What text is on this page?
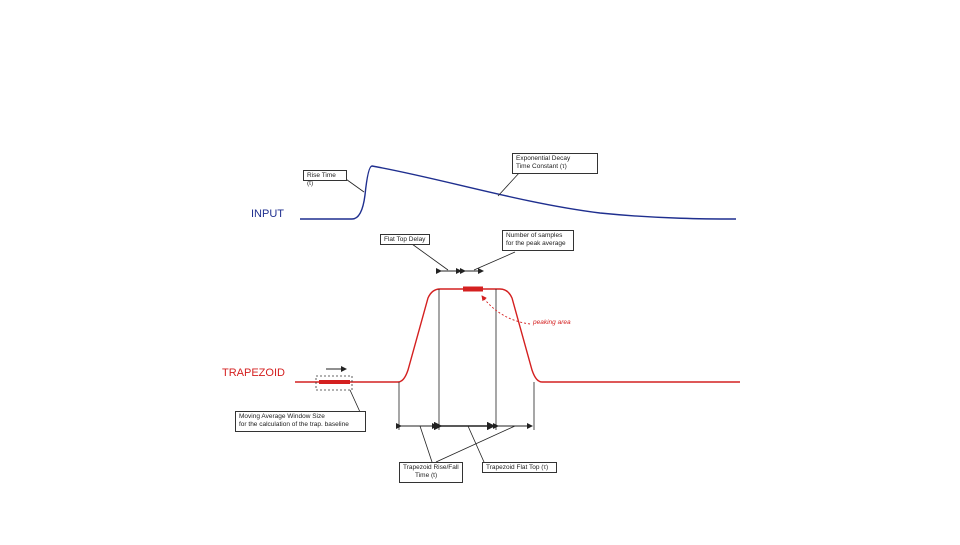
INPUT
TRAPEZOID
Rise Time (t)
Exponential Decay
Time Constant (τ)
Flat Top Delay
Number of samples
for the peak average
peaking area
Moving Average Window Size
for the calculation of the trap. baseline
Trapezoid Rise/Fall
Time (t)
Trapezoid Flat Top (τ)
